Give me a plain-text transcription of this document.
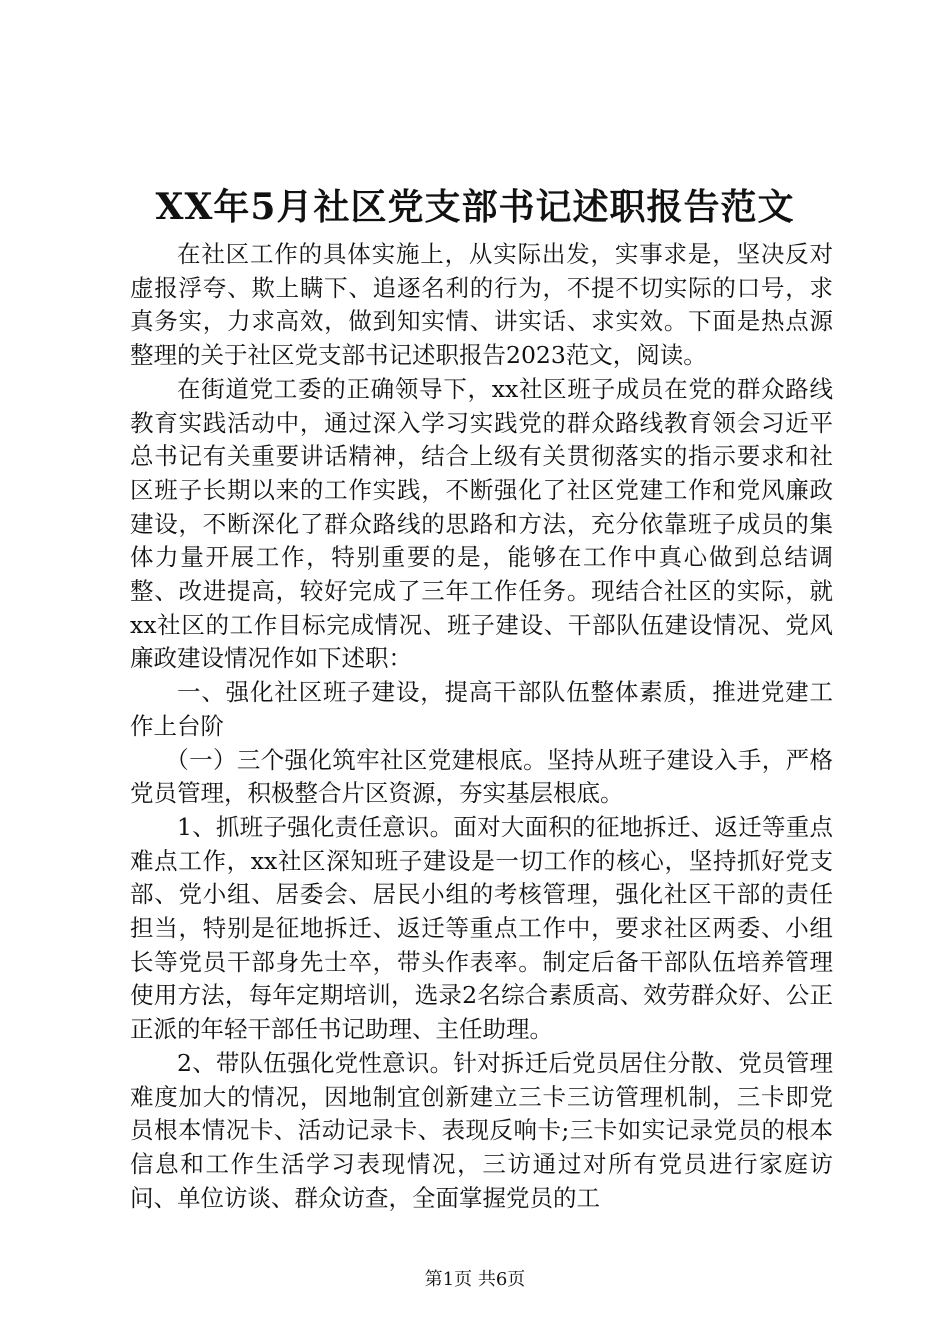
XX年5月社区党支部书记述职报告范文

在社区工作的具体实施上，从实际出发，实事求是，坚决反对虚报浮夸、欺上瞒下、追逐名利的行为，不提不切实际的口号，求真务实，力求高效，做到知实情、讲实话、求实效。下面是热点源整理的关于社区党支部书记述职报告2023范文，阅读。

在街道党工委的正确领导下，xx社区班子成员在党的群众路线教育实践活动中，通过深入学习实践党的群众路线教育领会习近平总书记有关重要讲话精神，结合上级有关贯彻落实的指示要求和社区班子长期以来的工作实践，不断强化了社区党建工作和党风廉政建设，不断深化了群众路线的思路和方法，充分依靠班子成员的集体力量开展工作，特别重要的是，能够在工作中真心做到总结调整、改进提高，较好完成了三年工作任务。现结合社区的实际，就xx社区的工作目标完成情况、班子建设、干部队伍建设情况、党风廉政建设情况作如下述职：

一、强化社区班子建设，提高干部队伍整体素质，推进党建工作上台阶

（一）三个强化筑牢社区党建根底。坚持从班子建设入手，严格党员管理，积极整合片区资源，夯实基层根底。

1、抓班子强化责任意识。面对大面积的征地拆迁、返迁等重点难点工作，xx社区深知班子建设是一切工作的核心，坚持抓好党支部、党小组、居委会、居民小组的考核管理，强化社区干部的责任担当，特别是征地拆迁、返迁等重点工作中，要求社区两委、小组长等党员干部身先士卒，带头作表率。制定后备干部队伍培养管理使用方法，每年定期培训，选录2名综合素质高、效劳群众好、公正正派的年轻干部任书记助理、主任助理。

2、带队伍强化党性意识。针对拆迁后党员居住分散、党员管理难度加大的情况，因地制宜创新建立三卡三访管理机制，三卡即党员根本情况卡、活动记录卡、表现反响卡;三卡如实记录党员的根本信息和工作生活学习表现情况，三访通过对所有党员进行家庭访问、单位访谈、群众访查，全面掌握党员的工

第1页 共6页
